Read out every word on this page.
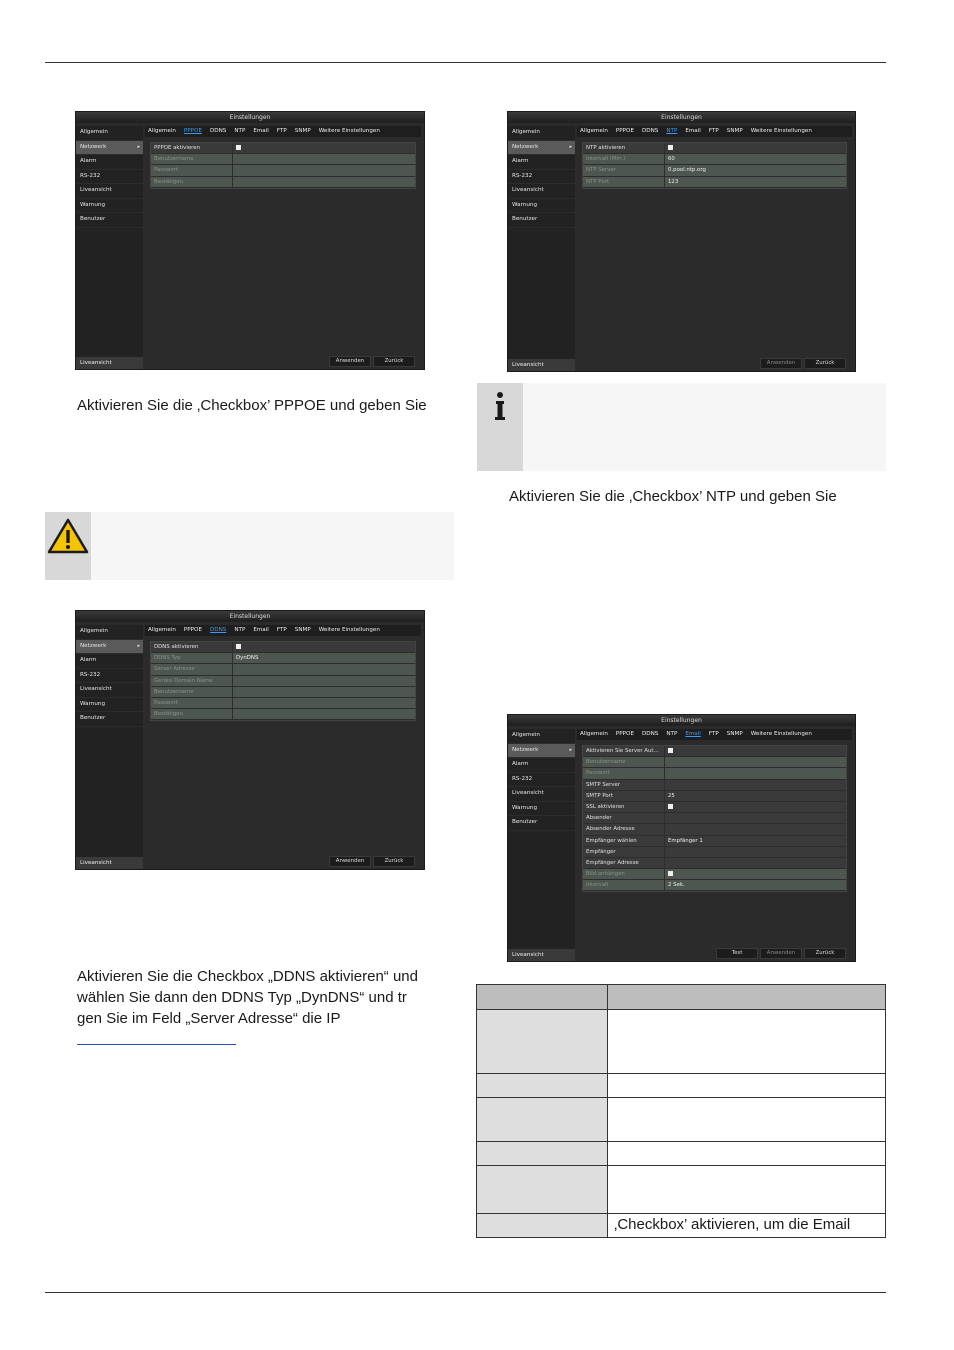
Einstellungen
Allgemein
Netzwerk ▸
Alarm
RS-232
Liveansicht
Warnung
Benutzer
Liveansicht
Allgemein PPPOE DDNS NTP Email FTP SNMP Weitere Einstellungen
PPPOE aktivieren
Benutzername
Passwort
Bestätigen
Anwenden	Zurück
Aktivieren Sie die ‚Checkbox’ PPPOE und geben Sie
Einstellungen
Allgemein
Netzwerk ▸
Alarm
RS-232
Liveansicht
Warnung
Benutzer
Liveansicht
Allgemein PPPOE DDNS NTP Email FTP SNMP Weitere Einstellungen
DDNS aktivieren
DDNS Typ	DynDNS
Server Adresse
Geräte Domain Name
Benutzername
Passwort
Bestätigen
Anwenden	Zurück
Aktivieren Sie die Checkbox „DDNS aktivieren“ und
wählen Sie dann den DDNS Typ „DynDNS“ und tr
gen Sie im Feld „Server Adresse“ die IP
Einstellungen
Allgemein
Netzwerk ▸
Alarm
RS-232
Liveansicht
Warnung
Benutzer
Liveansicht
Allgemein PPPOE DDNS NTP Email FTP SNMP Weitere Einstellungen
NTP aktivieren
Intervall (Min.)	60
NTP Server	0.pool.ntp.org
NTP Port	123
Anwenden	Zurück
Aktivieren Sie die ‚Checkbox’ NTP und geben Sie
Einstellungen
Allgemein
Netzwerk ▸
Alarm
RS-232
Liveansicht
Warnung
Benutzer
Liveansicht
Allgemein PPPOE DDNS NTP Email FTP SNMP Weitere Einstellungen
Aktivieren Sie Server Aut...
Benutzername
Passwort
SMTP Server
SMTP Port	25
SSL aktivieren
Absender
Absender Adresse
Empfänger wählen	Empfänger 1
Empfänger
Empfänger Adresse
Bild anhängen
Intervall	2 Sek.
Test	Anwenden	Zurück

	‚Checkbox’ aktivieren, um die Email
